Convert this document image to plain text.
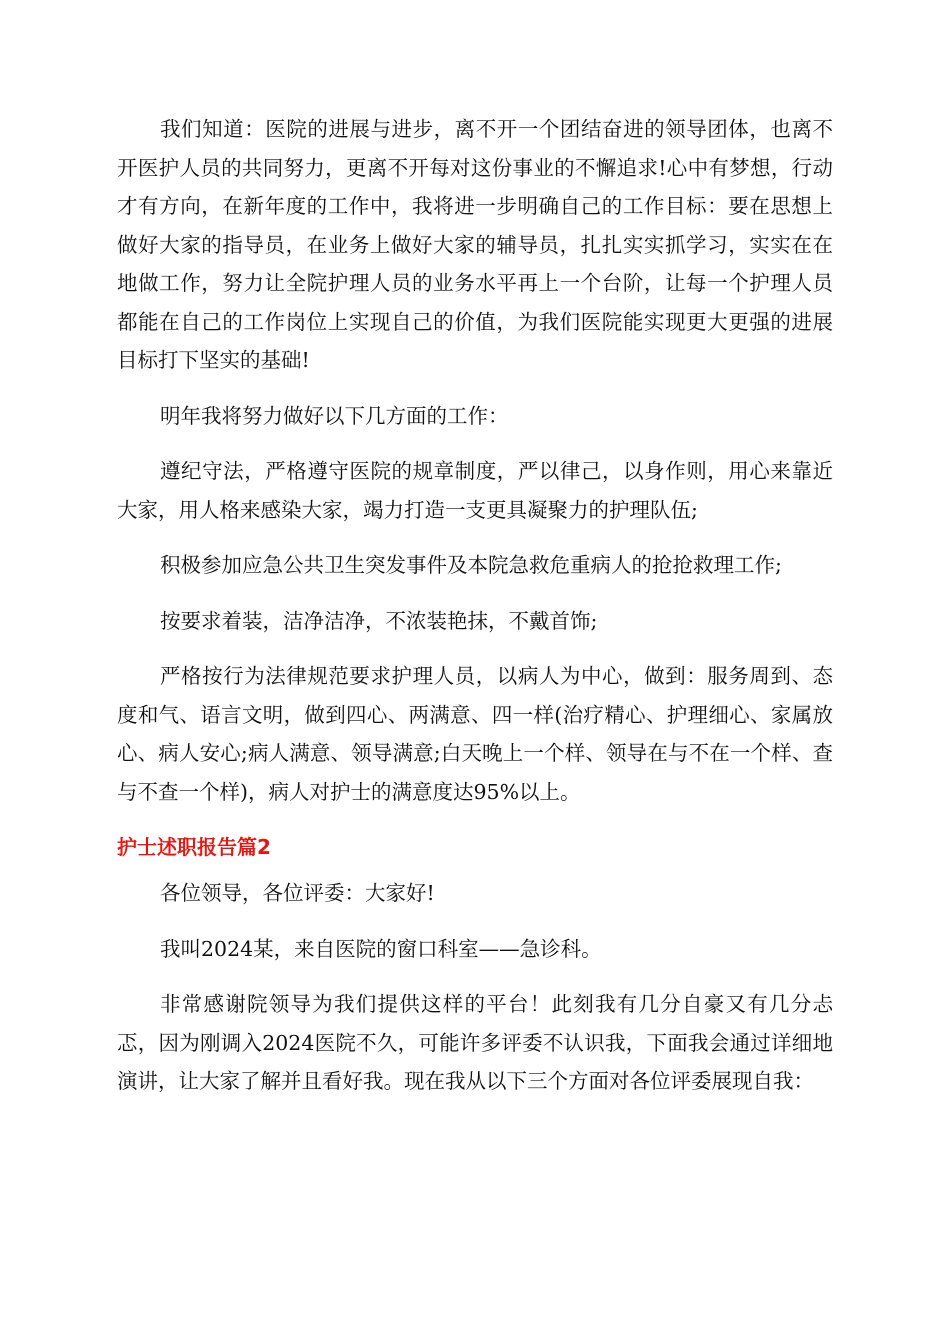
我们知道：医院的进展与进步，离不开一个团结奋进的领导团体，也离不开医护人员的共同努力，更离不开每对这份事业的不懈追求!心中有梦想，行动才有方向，在新年度的工作中，我将进一步明确自己的工作目标：要在思想上做好大家的指导员，在业务上做好大家的辅导员，扎扎实实抓学习，实实在在地做工作，努力让全院护理人员的业务水平再上一个台阶，让每一个护理人员都能在自己的工作岗位上实现自己的价值，为我们医院能实现更大更强的进展目标打下坚实的基础!

明年我将努力做好以下几方面的工作：

遵纪守法，严格遵守医院的规章制度，严以律己，以身作则，用心来靠近大家，用人格来感染大家，竭力打造一支更具凝聚力的护理队伍;

积极参加应急公共卫生突发事件及本院急救危重病人的抢抢救理工作;

按要求着装，洁净洁净，不浓装艳抹，不戴首饰;

严格按行为法律规范要求护理人员，以病人为中心，做到：服务周到、态度和气、语言文明，做到四心、两满意、四一样(治疗精心、护理细心、家属放心、病人安心;病人满意、领导满意;白天晚上一个样、领导在与不在一个样、查与不查一个样)，病人对护士的满意度达95%以上。

护士述职报告篇2

各位领导，各位评委：大家好!

我叫2024某，来自医院的窗口科室——急诊科。

非常感谢院领导为我们提供这样的平台！此刻我有几分自豪又有几分忐忑，因为刚调入2024医院不久，可能许多评委不认识我，下面我会通过详细地演讲，让大家了解并且看好我。现在我从以下三个方面对各位评委展现自我：
